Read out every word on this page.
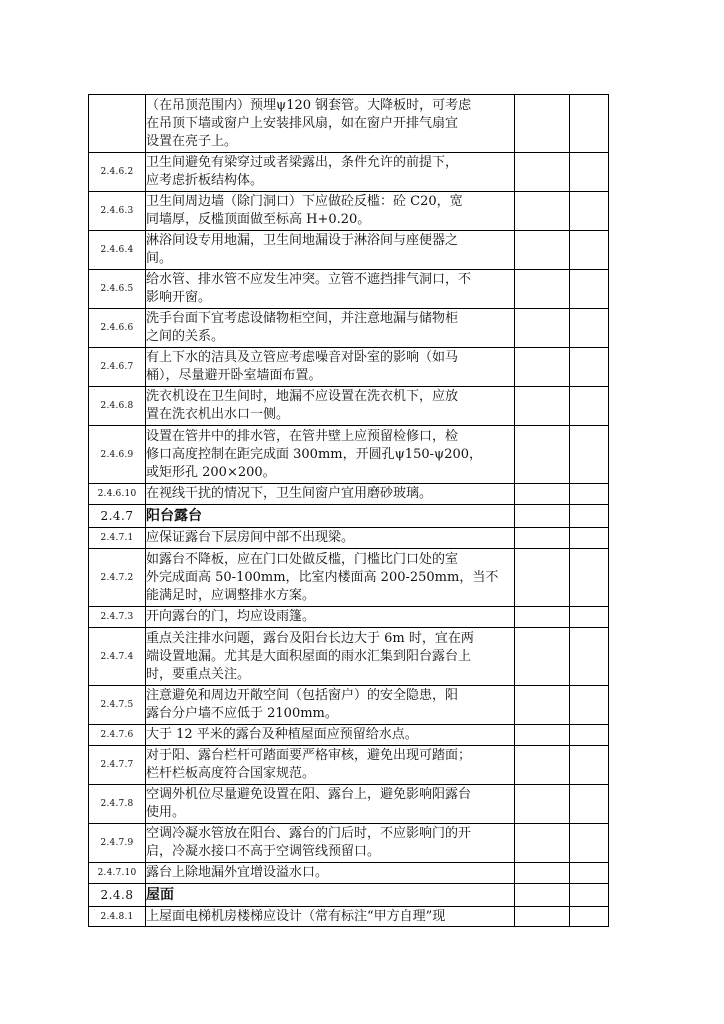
	（在吊顶范围内）预埋ψ120 钢套管。大降板时，可考虑
在吊顶下墙或窗户上安装排风扇，如在窗户开排气扇宜
设置在亮子上。		

2.4.6.2	卫生间避免有梁穿过或者梁露出，条件允许的前提下，
应考虑折板结构体。		

2.4.6.3	卫生间周边墙（除门洞口）下应做砼反槛：砼 C20，宽
同墙厚，反槛顶面做至标高 H+0.20。		

2.4.6.4	淋浴间设专用地漏，卫生间地漏设于淋浴间与座便器之
间。		

2.4.6.5	给水管、排水管不应发生冲突。立管不遮挡排气洞口，不
影响开窗。		

2.4.6.6	洗手台面下宜考虑设储物柜空间，并注意地漏与储物柜
之间的关系。		

2.4.6.7	有上下水的洁具及立管应考虑噪音对卧室的影响（如马
桶），尽量避开卧室墙面布置。		

2.4.6.8	洗衣机设在卫生间时，地漏不应设置在洗衣机下，应放
置在洗衣机出水口一侧。		

2.4.6.9	设置在管井中的排水管，在管井壁上应预留检修口，检
修口高度控制在距完成面 300mm，开圆孔ψ150-ψ200，
或矩形孔 200×200。		

2.4.6.10	在视线干扰的情况下，卫生间窗户宜用磨砂玻璃。		

2.4.7	阳台露台		

2.4.7.1	应保证露台下层房间中部不出现梁。		

2.4.7.2	如露台不降板，应在门口处做反槛，门槛比门口处的室
外完成面高 50-100mm，比室内楼面高 200-250mm，当不
能满足时，应调整排水方案。		

2.4.7.3	开向露台的门，均应设雨篷。		

2.4.7.4	重点关注排水问题，露台及阳台长边大于 6m 时，宜在两
端设置地漏。尤其是大面积屋面的雨水汇集到阳台露台上
时，要重点关注。		

2.4.7.5	注意避免和周边开敞空间（包括窗户）的安全隐患，阳
露台分户墙不应低于 2100mm。		

2.4.7.6	大于 12 平米的露台及种植屋面应预留给水点。		

2.4.7.7	对于阳、露台栏杆可踏面要严格审核，避免出现可踏面；
栏杆栏板高度符合国家规范。		

2.4.7.8	空调外机位尽量避免设置在阳、露台上，避免影响阳露台
使用。		

2.4.7.9	空调冷凝水管放在阳台、露台的门后时，不应影响门的开
启，冷凝水接口不高于空调管线预留口。		

2.4.7.10	露台上除地漏外宜增设溢水口。		

2.4.8	屋面		

2.4.8.1	上屋面电梯机房楼梯应设计（常有标注“甲方自理”现		
